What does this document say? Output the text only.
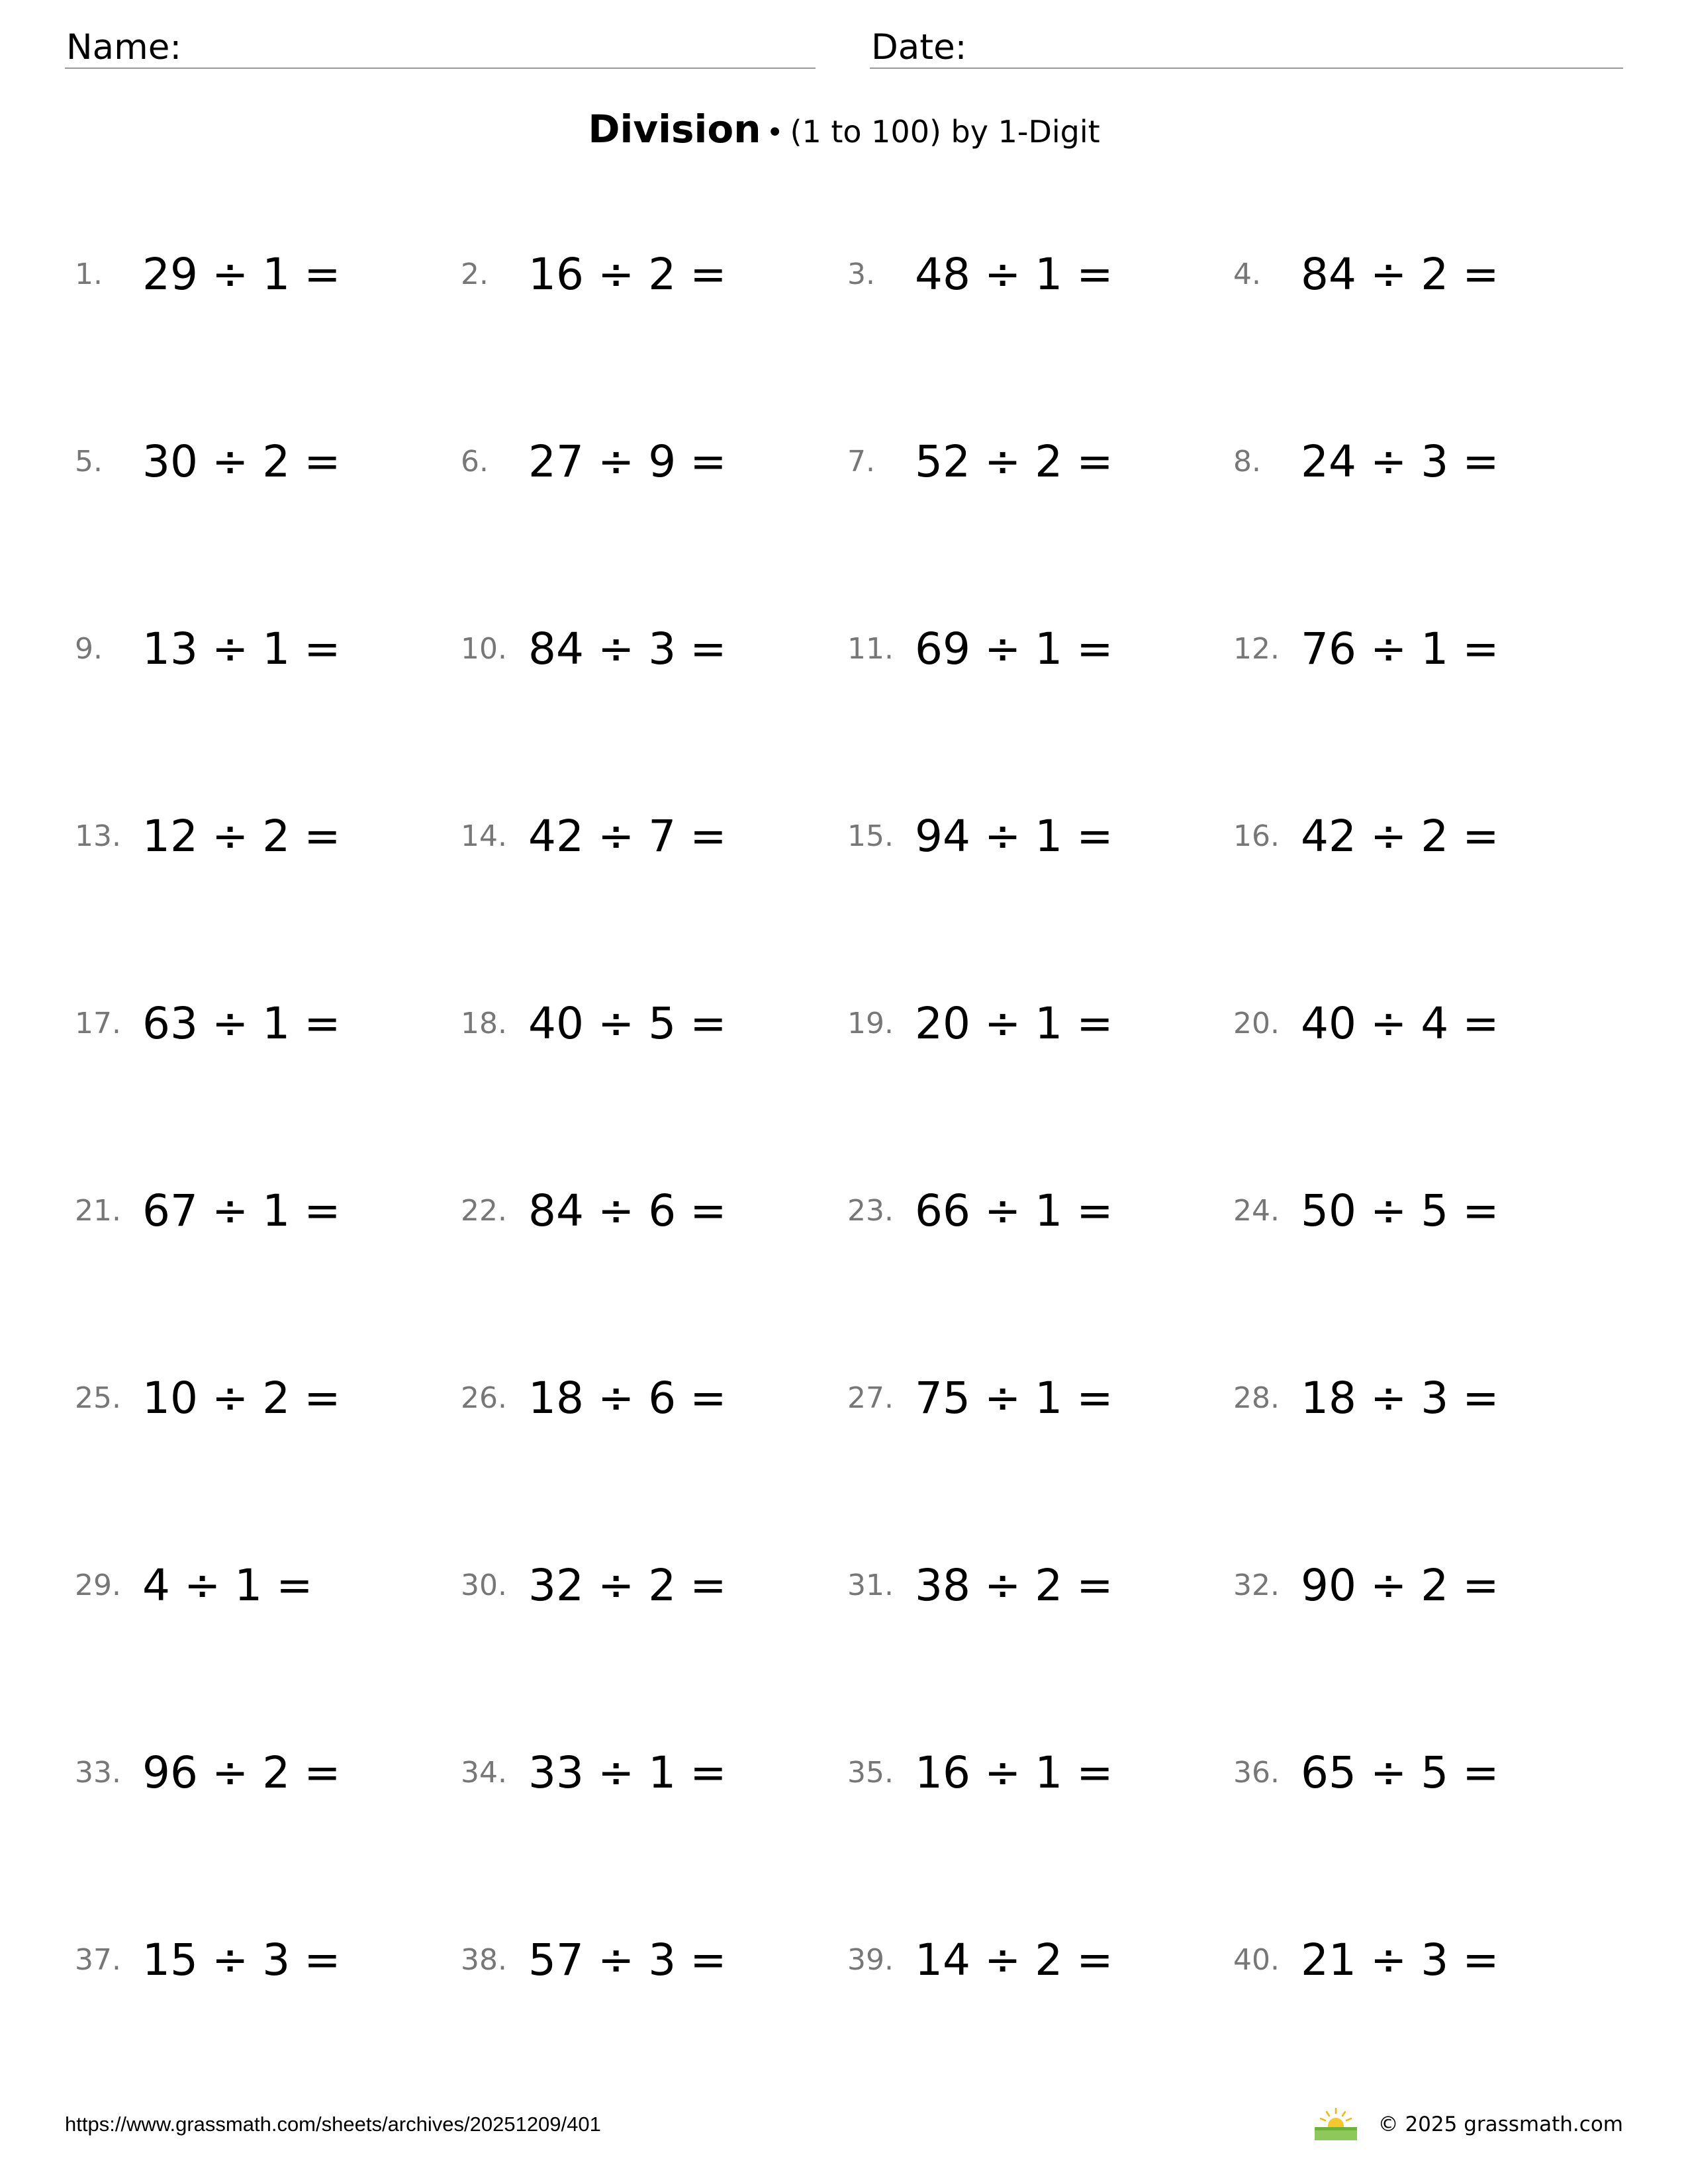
Name:	Date:
Division • (1 to 100) by 1-Digit
1. 29 ÷ 1 =	2. 16 ÷ 2 =	3. 48 ÷ 1 =	4. 84 ÷ 2 =
5. 30 ÷ 2 =	6. 27 ÷ 9 =	7. 52 ÷ 2 =	8. 24 ÷ 3 =
9. 13 ÷ 1 =	10. 84 ÷ 3 =	11. 69 ÷ 1 =	12. 76 ÷ 1 =
13. 12 ÷ 2 =	14. 42 ÷ 7 =	15. 94 ÷ 1 =	16. 42 ÷ 2 =
17. 63 ÷ 1 =	18. 40 ÷ 5 =	19. 20 ÷ 1 =	20. 40 ÷ 4 =
21. 67 ÷ 1 =	22. 84 ÷ 6 =	23. 66 ÷ 1 =	24. 50 ÷ 5 =
25. 10 ÷ 2 =	26. 18 ÷ 6 =	27. 75 ÷ 1 =	28. 18 ÷ 3 =
29. 4 ÷ 1 =	30. 32 ÷ 2 =	31. 38 ÷ 2 =	32. 90 ÷ 2 =
33. 96 ÷ 2 =	34. 33 ÷ 1 =	35. 16 ÷ 1 =	36. 65 ÷ 5 =
37. 15 ÷ 3 =	38. 57 ÷ 3 =	39. 14 ÷ 2 =	40. 21 ÷ 3 =
https://www.grassmath.com/sheets/archives/20251209/401	© 2025 grassmath.com
